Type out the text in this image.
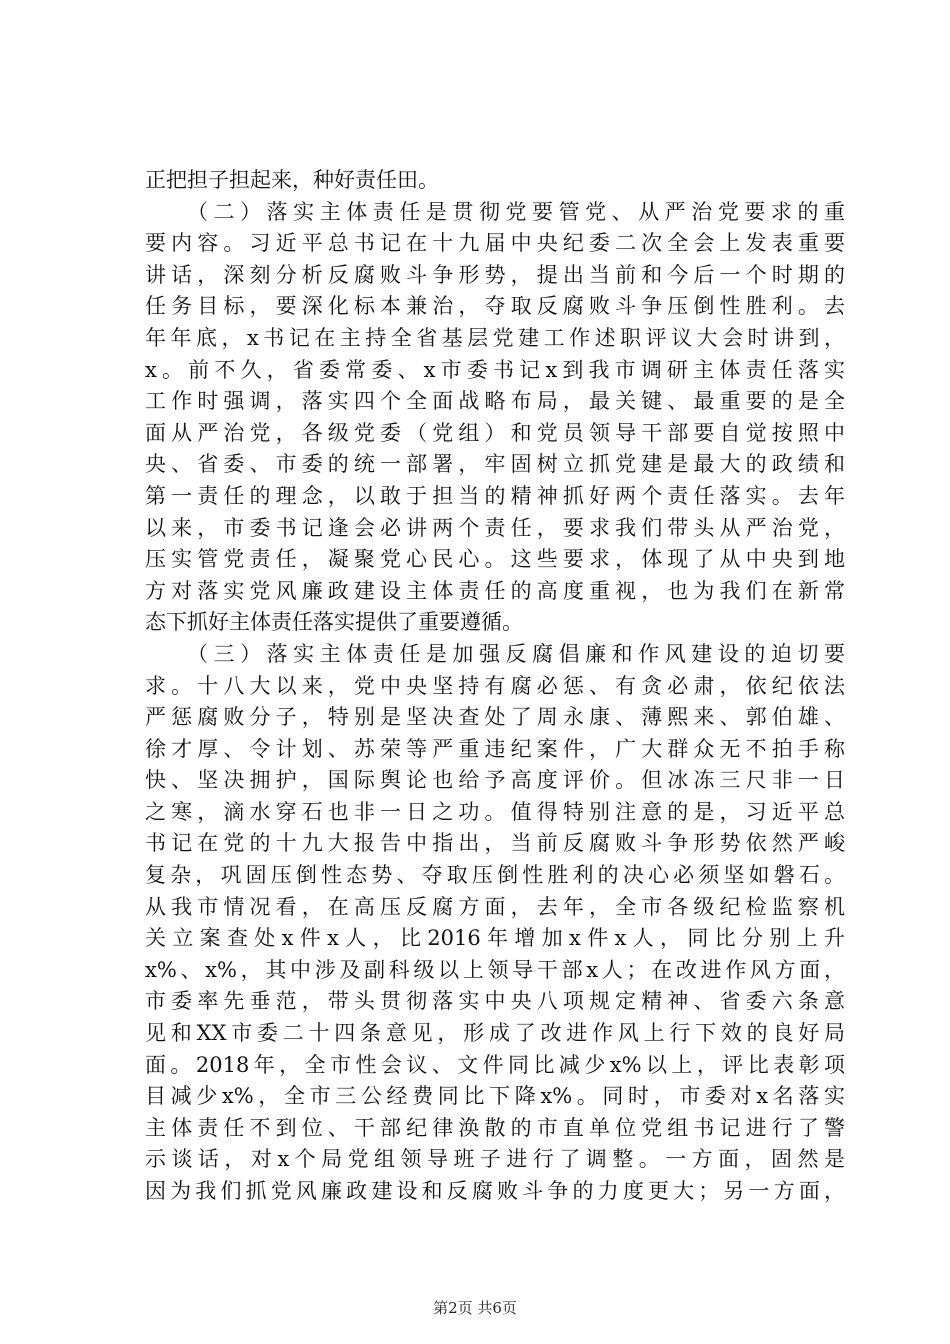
正把担子担起来，种好责任田。
（二）落实主体责任是贯彻党要管党、从严治党要求的重
要内容。习近平总书记在十九届中央纪委二次全会上发表重要
讲话，深刻分析反腐败斗争形势，提出当前和今后一个时期的
任务目标，要深化标本兼治，夺取反腐败斗争压倒性胜利。去
年年底，x书记在主持全省基层党建工作述职评议大会时讲到，
x。前不久，省委常委、x市委书记x到我市调研主体责任落实
工作时强调，落实四个全面战略布局，最关键、最重要的是全
面从严治党，各级党委（党组）和党员领导干部要自觉按照中
央、省委、市委的统一部署，牢固树立抓党建是最大的政绩和
第一责任的理念，以敢于担当的精神抓好两个责任落实。去年
以来，市委书记逢会必讲两个责任，要求我们带头从严治党，
压实管党责任，凝聚党心民心。这些要求，体现了从中央到地
方对落实党风廉政建设主体责任的高度重视，也为我们在新常
态下抓好主体责任落实提供了重要遵循。
（三）落实主体责任是加强反腐倡廉和作风建设的迫切要
求。十八大以来，党中央坚持有腐必惩、有贪必肃，依纪依法
严惩腐败分子，特别是坚决查处了周永康、薄熙来、郭伯雄、
徐才厚、令计划、苏荣等严重违纪案件，广大群众无不拍手称
快、坚决拥护，国际舆论也给予高度评价。但冰冻三尺非一日
之寒，滴水穿石也非一日之功。值得特别注意的是，习近平总
书记在党的十九大报告中指出，当前反腐败斗争形势依然严峻
复杂，巩固压倒性态势、夺取压倒性胜利的决心必须坚如磐石。
从我市情况看，在高压反腐方面，去年，全市各级纪检监察机
关立案查处x件x人，比2016年增加x件x人，同比分别上升
x%、x%，其中涉及副科级以上领导干部x人；在改进作风方面，
市委率先垂范，带头贯彻落实中央八项规定精神、省委六条意
见和XX市委二十四条意见，形成了改进作风上行下效的良好局
面。2018年，全市性会议、文件同比减少x%以上，评比表彰项
目减少x%，全市三公经费同比下降x%。同时，市委对x名落实
主体责任不到位、干部纪律涣散的市直单位党组书记进行了警
示谈话，对x个局党组领导班子进行了调整。一方面，固然是
因为我们抓党风廉政建设和反腐败斗争的力度更大；另一方面，
第2页 共6页
